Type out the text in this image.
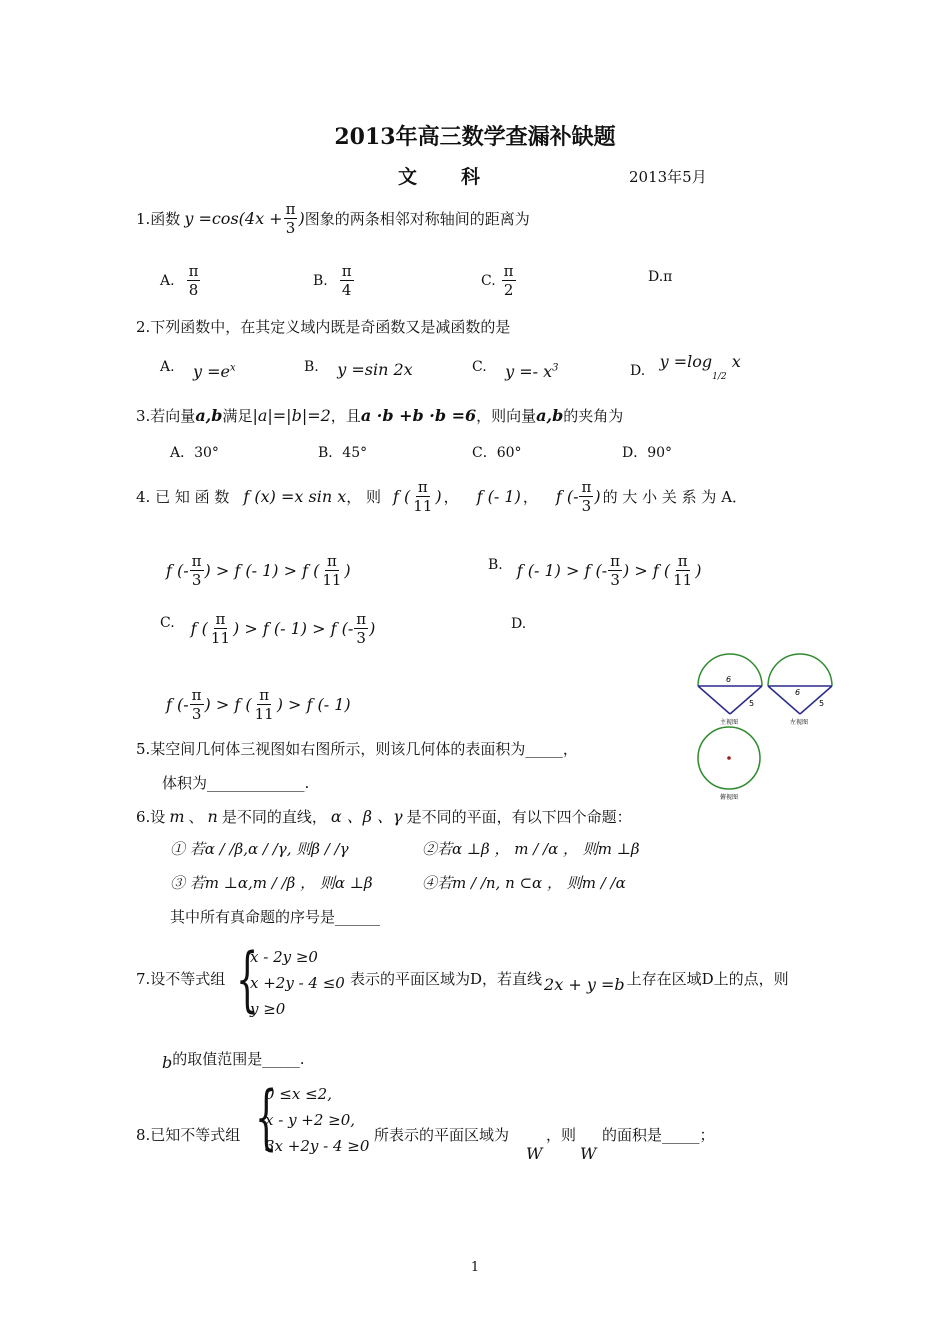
2013年高三数学查漏补缺题
文　　科	2013年5月
1.函数 $y =\cos(4x + \frac{\pi}{3}$ ) 图象的两条相邻对称轴间的距离为
A. $\frac{\pi}{8}$	B. $\frac{\pi}{4}$	C. $\frac{\pi}{2}$	D.π
2.下列函数中，在其定义域内既是奇函数又是减函数的是
A. $y =e^x$	B. y =sin 2x	C. $y =- x^3$	D. $y =\log_{1/2}$ x
3.若向量a,b满足|a|=|b|=2，且a ·b +b ·b =6，则向量a,b的夹角为
A．30°	B．45°	C．60°	D．90°
4. 已 知 函 数 f (x) =x sin x ， 则 f ( $\frac{\pi}{11}$ ) ， f (- 1) ， f (- $\frac{\pi}{3}$ ) 的 大 小 关 系 为 A．
f (- $\frac{\pi}{3}$ ) > f (- 1) > f ( $\frac{\pi}{11}$ )	B. f (- 1) > f (- $\frac{\pi}{3}$ ) > f ( $\frac{\pi}{11}$ )
C. f ( $\frac{\pi}{11}$ ) > f (- 1) > f (- $\frac{\pi}{3}$ )	D.
f (- $\frac{\pi}{3}$ ) > f ( $\frac{\pi}{11}$ ) > f (- 1)
6
5
主视图
6
5
左视图
俯视图
5.某空间几何体三视图如右图所示，则该几何体的表面积为_____，
体积为_____________.
6.设 m 、 n 是不同的直线， α 、β 、γ 是不同的平面，有以下四个命题：
① 若α / /β,α / /γ, 则β / /γ	②若α ⊥β ， m / /α ， 则m ⊥β
③ 若m ⊥α,m / /β ， 则α ⊥β	④若m / /n, n ⊂α ， 则m / /α
其中所有真命题的序号是______
7.设不等式组 {
x - 2y ≥0
x +2y - 4 ≤0
y ≥0
表示的平面区域为D，若直线 2x + y =b 上存在区域D上的点，则
b的取值范围是_____.
8.已知不等式组 {
0 ≤x ≤2,
x - y +2 ≥0,
3x +2y - 4 ≥0
所表示的平面区域为
W
，则
W
的面积是_____；
1
